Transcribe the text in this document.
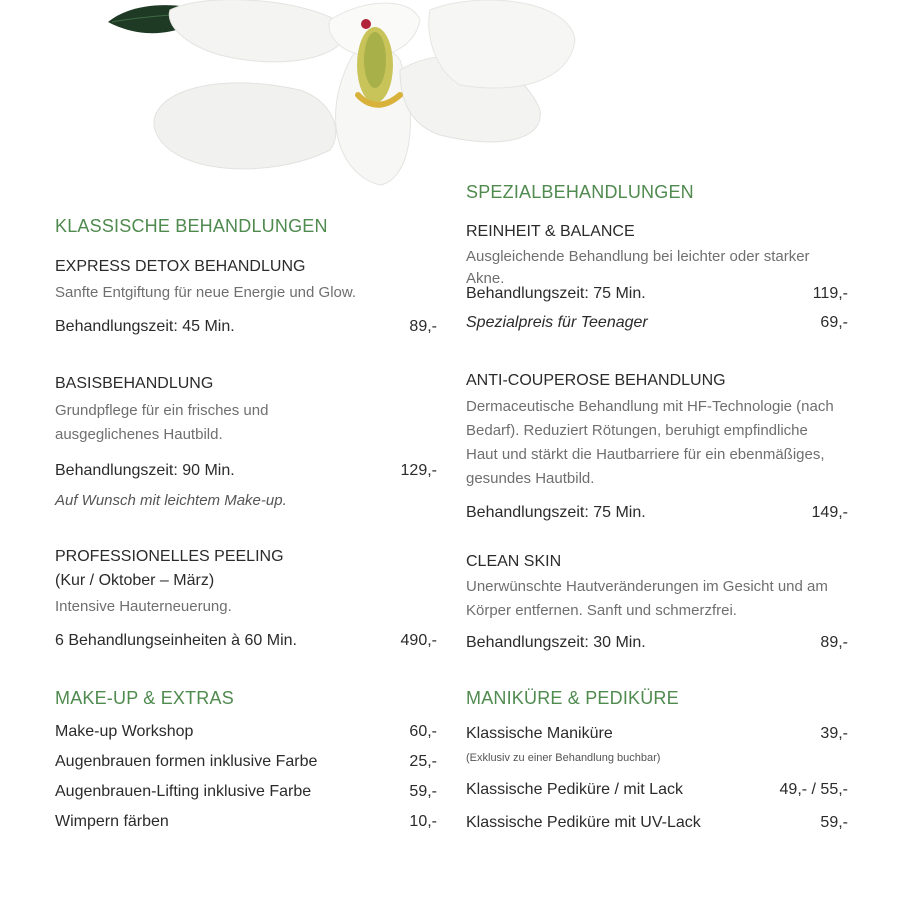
KLASSISCHE BEHANDLUNGEN
EXPRESS DETOX BEHANDLUNG
Sanfte Entgiftung für neue Energie und Glow.
Behandlungszeit: 45 Min.	89,-
BASISBEHANDLUNG
Grundpflege für ein frisches und
ausgeglichenes Hautbild.
Behandlungszeit: 90 Min.	129,-
Auf Wunsch mit leichtem Make-up.
PROFESSIONELLES PEELING
(Kur / Oktober – März)
Intensive Hauterneuerung.
6 Behandlungseinheiten à 60 Min.	490,-
MAKE-UP & EXTRAS
Make-up Workshop	60,-
Augenbrauen formen inklusive Farbe	25,-
Augenbrauen-Lifting inklusive Farbe	59,-
Wimpern färben	10,-
SPEZIALBEHANDLUNGEN
REINHEIT & BALANCE
Ausgleichende Behandlung bei leichter oder starker Akne.
Behandlungszeit: 75 Min.	119,-
Spezialpreis für Teenager	69,-
ANTI-COUPEROSE BEHANDLUNG
Dermaceutische Behandlung mit HF-Technologie (nach
Bedarf). Reduziert Rötungen, beruhigt empfindliche
Haut und stärkt die Hautbarriere für ein ebenmäßiges,
gesundes Hautbild.
Behandlungszeit: 75 Min.	149,-
CLEAN SKIN
Unerwünschte Hautveränderungen im Gesicht und am
Körper entfernen. Sanft und schmerzfrei.
Behandlungszeit: 30 Min.	89,-
MANIKÜRE & PEDIKÜRE
Klassische Maniküre	39,-
(Exklusiv zu einer Behandlung buchbar)
Klassische Pediküre / mit Lack	49,- / 55,-
Klassische Pediküre mit UV-Lack	59,-
